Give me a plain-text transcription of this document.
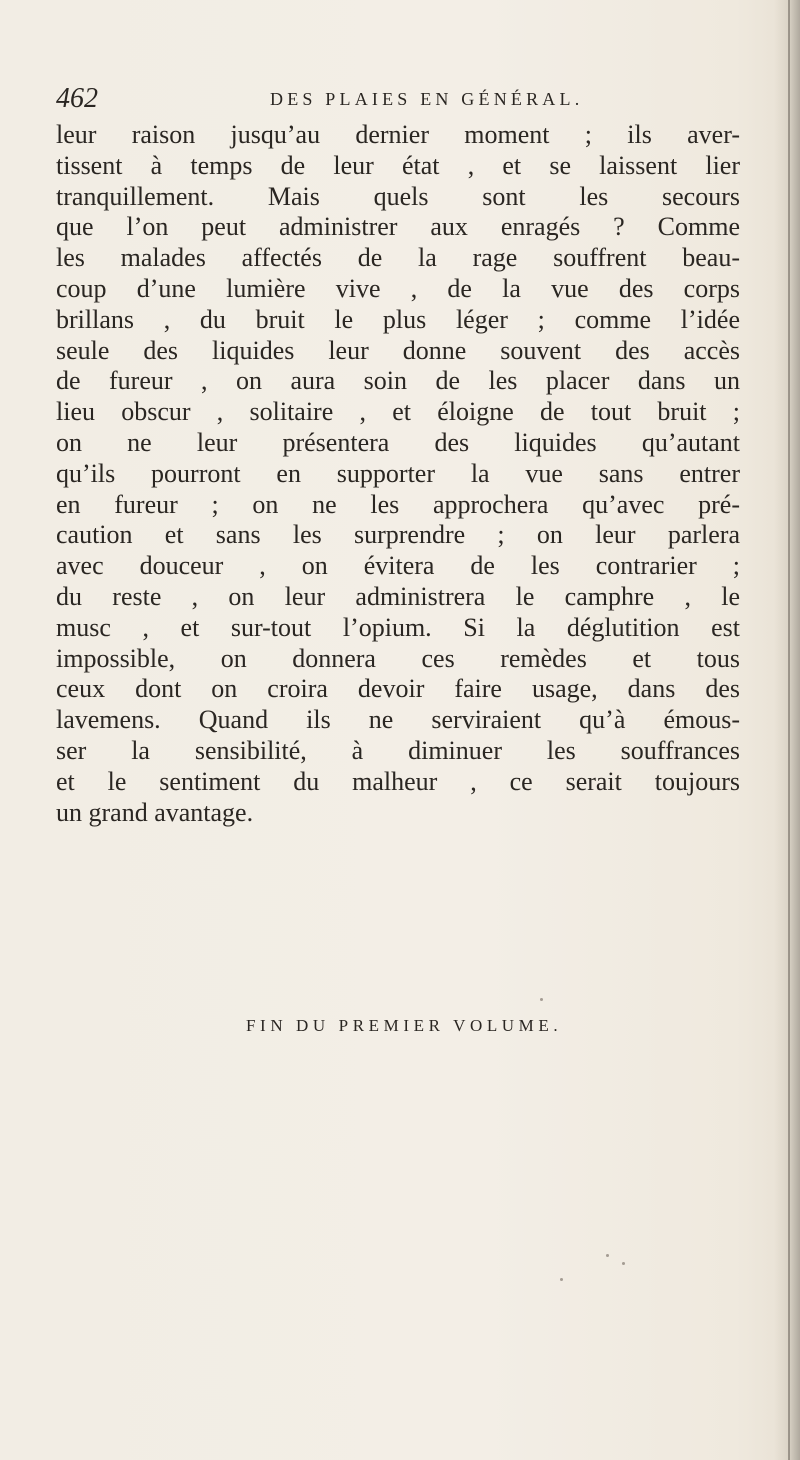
462	DES PLAIES EN GÉNÉRAL.
leur raison jusqu’au dernier moment ; ils aver-
tissent à temps de leur état , et se laissent lier
tranquillement. Mais quels sont les secours
que l’on peut administrer aux enragés ? Comme
les malades affectés de la rage souffrent beau-
coup d’une lumière vive , de la vue des corps
brillans , du bruit le plus léger ; comme l’idée
seule des liquides leur donne souvent des accès
de fureur , on aura soin de les placer dans un
lieu obscur , solitaire , et éloigne de tout bruit ;
on ne leur présentera des liquides qu’autant
qu’ils pourront en supporter la vue sans entrer
en fureur ; on ne les approchera qu’avec pré-
caution et sans les surprendre ; on leur parlera
avec douceur , on évitera de les contrarier ;
du reste , on leur administrera le camphre , le
musc , et sur-tout l’opium. Si la déglutition est
impossible, on donnera ces remèdes et tous
ceux dont on croira devoir faire usage, dans des
lavemens. Quand ils ne serviraient qu’à émous-
ser la sensibilité, à diminuer les souffrances
et le sentiment du malheur , ce serait toujours
un grand avantage.
FIN DU PREMIER VOLUME.
